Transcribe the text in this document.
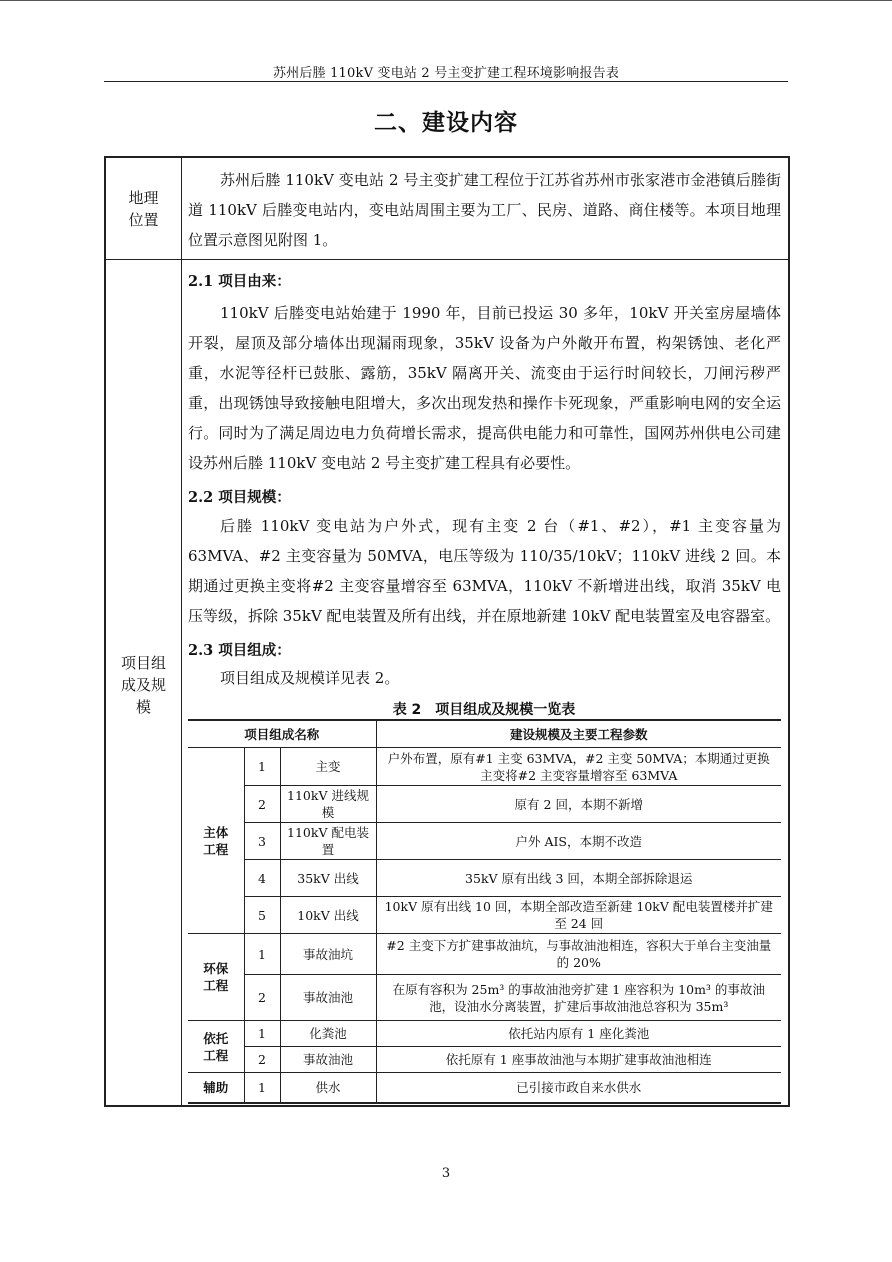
苏州后塍 110kV 变电站 2 号主变扩建工程环境影响报告表
二、建设内容
地理
位置
苏州后塍 110kV 变电站 2 号主变扩建工程位于江苏省苏州市张家港市金港镇后塍街道 110kV 后塍变电站内，变电站周围主要为工厂、民房、道路、商住楼等。本项目地理位置示意图见附图 1。
项目组
成及规
模
2.1 项目由来：
110kV 后塍变电站始建于 1990 年，目前已投运 30 多年，10kV 开关室房屋墙体开裂，屋顶及部分墙体出现漏雨现象，35kV 设备为户外敞开布置，构架锈蚀、老化严重，水泥等径杆已鼓胀、露筋，35kV 隔离开关、流变由于运行时间较长，刀闸污秽严重，出现锈蚀导致接触电阻增大，多次出现发热和操作卡死现象，严重影响电网的安全运行。同时为了满足周边电力负荷增长需求，提高供电能力和可靠性，国网苏州供电公司建设苏州后塍 110kV 变电站 2 号主变扩建工程具有必要性。
2.2 项目规模：
后塍 110kV 变电站为户外式，现有主变 2 台（#1、#2），#1 主变容量为 63MVA、#2 主变容量为 50MVA，电压等级为 110/35/10kV；110kV 进线 2 回。本期通过更换主变将#2 主变容量增容至 63MVA，110kV 不新增进出线，取消 35kV 电压等级，拆除 35kV 配电装置及所有出线，并在原地新建 10kV 配电装置室及电容器室。
2.3 项目组成：
项目组成及规模详见表 2。
表 2　项目组成及规模一览表
项目组成名称			建设规模及主要工程参数
主体
工程	1	主变	户外布置，原有#1 主变 63MVA，#2 主变 50MVA；本期通过更换主变将#2 主变容量增容至 63MVA
	2	110kV 进线规模	原有 2 回，本期不新增
	3	110kV 配电装置	户外 AIS，本期不改造
	4	35kV 出线	35kV 原有出线 3 回，本期全部拆除退运
	5	10kV 出线	10kV 原有出线 10 回，本期全部改造至新建 10kV 配电装置楼并扩建至 24 回
环保
工程	1	事故油坑	#2 主变下方扩建事故油坑，与事故油池相连，容积大于单台主变油量的 20%
	2	事故油池	在原有容积为 25m³ 的事故油池旁扩建 1 座容积为 10m³ 的事故油池，设油水分离装置，扩建后事故油池总容积为 35m³
依托
工程	1	化粪池	依托站内原有 1 座化粪池
	2	事故油池	依托原有 1 座事故油池与本期扩建事故油池相连
辅助	1	供水	已引接市政自来水供水
3
